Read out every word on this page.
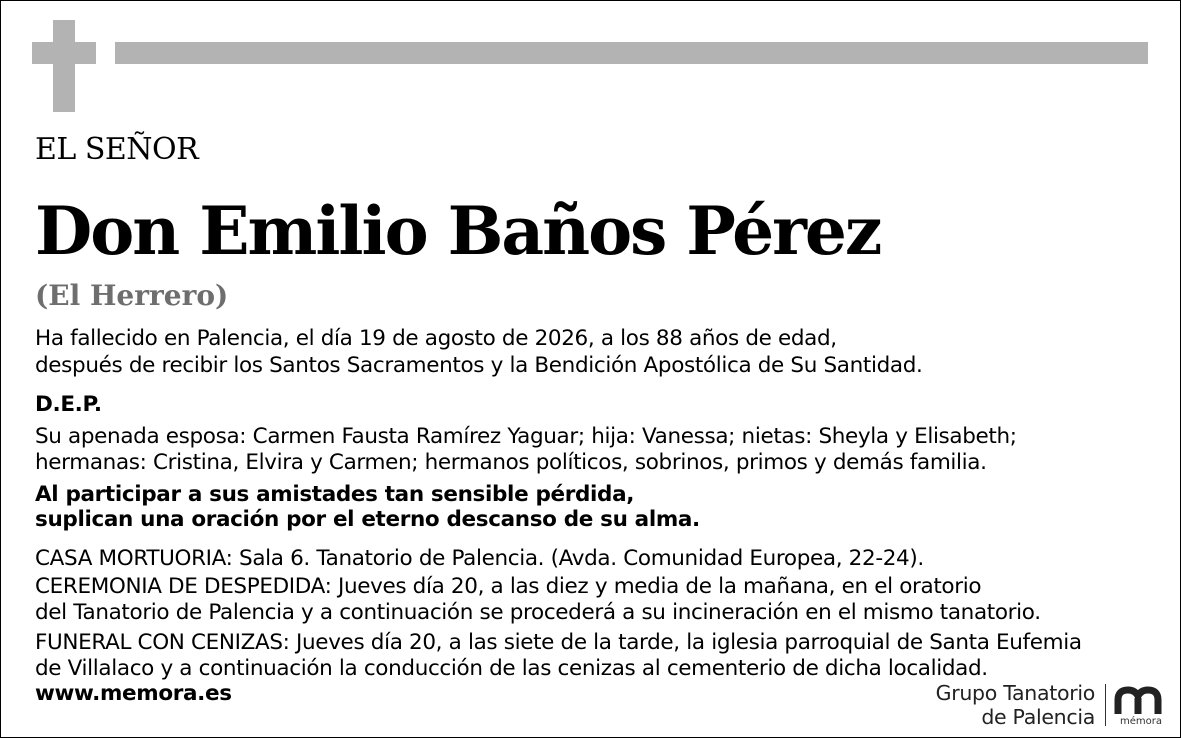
EL SEÑOR
Don Emilio Baños Pérez
(El Herrero)
Ha fallecido en Palencia, el día 19 de agosto de 2026, a los 88 años de edad,
después de recibir los Santos Sacramentos y la Bendición Apostólica de Su Santidad.
D.E.P.
Su apenada esposa: Carmen Fausta Ramírez Yaguar; hija: Vanessa; nietas: Sheyla y Elisabeth;
hermanas: Cristina, Elvira y Carmen; hermanos políticos, sobrinos, primos y demás familia.
Al participar a sus amistades tan sensible pérdida,
suplican una oración por el eterno descanso de su alma.
CASA MORTUORIA: Sala 6. Tanatorio de Palencia. (Avda. Comunidad Europea, 22-24).
CEREMONIA DE DESPEDIDA: Jueves día 20, a las diez y media de la mañana, en el oratorio
del Tanatorio de Palencia y a continuación se procederá a su incineración en el mismo tanatorio.
FUNERAL CON CENIZAS: Jueves día 20, a las siete de la tarde, la iglesia parroquial de Santa Eufemia
de Villalaco y a continuación la conducción de las cenizas al cementerio de dicha localidad.
www.memora.es	Grupo Tanatorio
de Palencia	mémora
